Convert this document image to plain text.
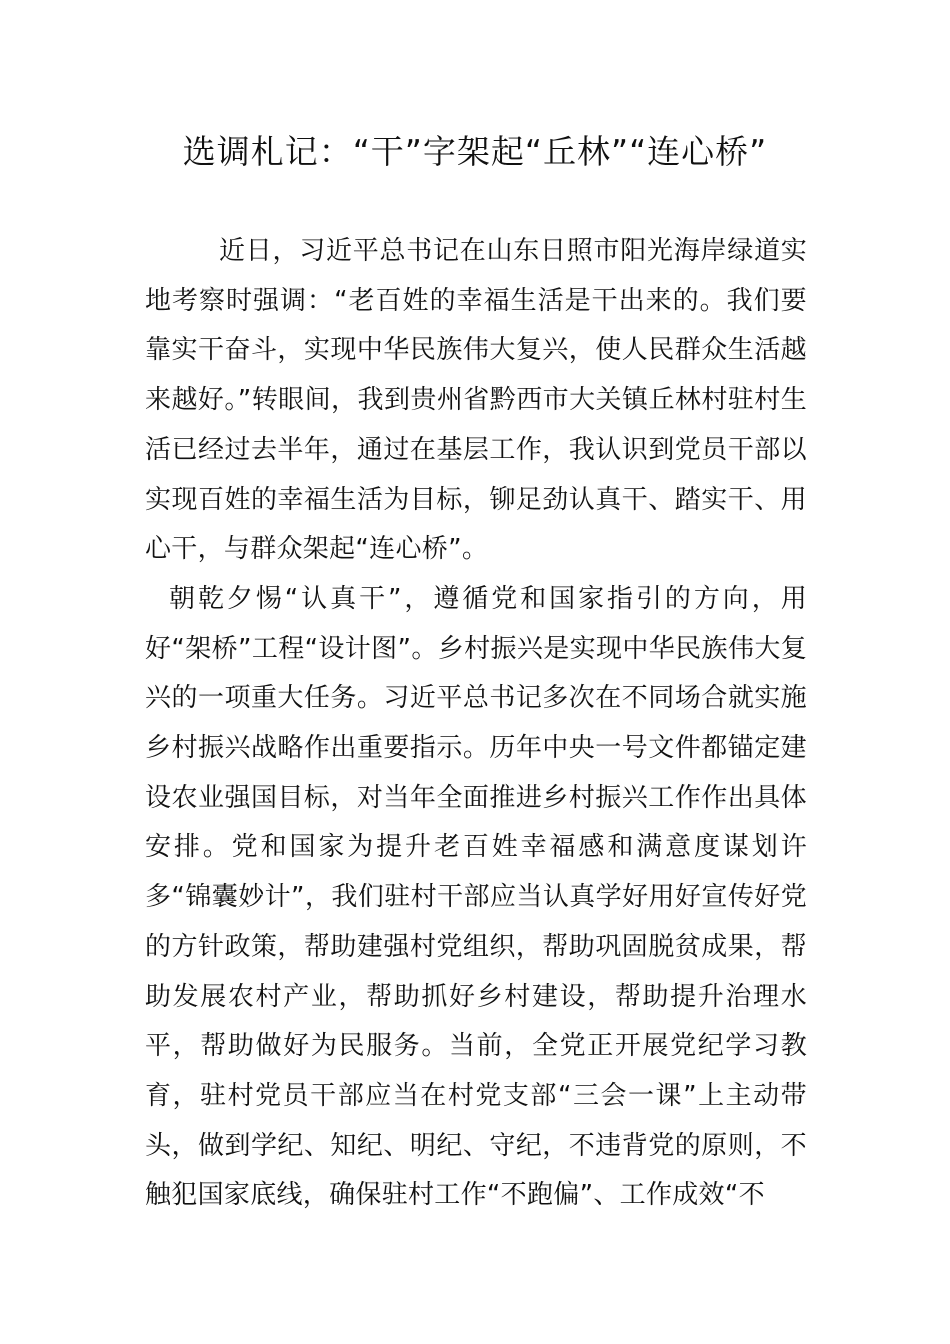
选调札记：“干”字架起“丘林”“连心桥”

近日，习近平总书记在山东日照市阳光海岸绿道实地考察时强调：“老百姓的幸福生活是干出来的。我们要靠实干奋斗，实现中华民族伟大复兴，使人民群众生活越来越好。”转眼间，我到贵州省黔西市大关镇丘林村驻村生活已经过去半年，通过在基层工作，我认识到党员干部以实现百姓的幸福生活为目标，铆足劲认真干、踏实干、用心干，与群众架起“连心桥”。

朝乾夕惕“认真干”，遵循党和国家指引的方向，用好“架桥”工程“设计图”。乡村振兴是实现中华民族伟大复兴的一项重大任务。习近平总书记多次在不同场合就实施乡村振兴战略作出重要指示。历年中央一号文件都锚定建设农业强国目标，对当年全面推进乡村振兴工作作出具体安排。党和国家为提升老百姓幸福感和满意度谋划许多“锦囊妙计”，我们驻村干部应当认真学好用好宣传好党的方针政策，帮助建强村党组织，帮助巩固脱贫成果，帮助发展农村产业，帮助抓好乡村建设，帮助提升治理水平，帮助做好为民服务。当前，全党正开展党纪学习教育，驻村党员干部应当在村党支部“三会一课”上主动带头，做到学纪、知纪、明纪、守纪，不违背党的原则，不触犯国家底线，确保驻村工作“不跑偏”、工作成效“不
